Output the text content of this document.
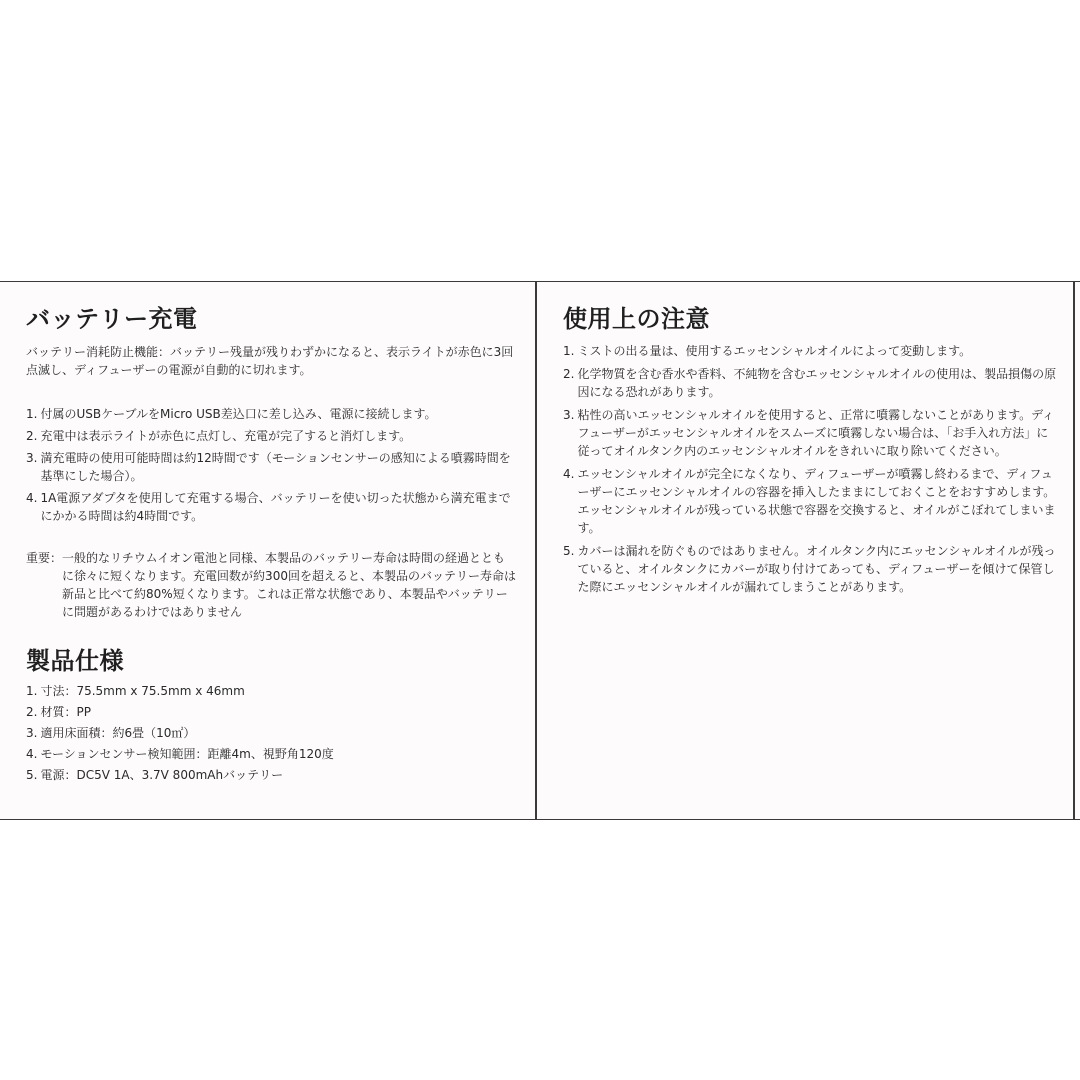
バッテリー充電

バッテリー消耗防止機能：バッテリー残量が残りわずかになると、表示ライトが赤色に3回点滅し、ディフューザーの電源が自動的に切れます。

1. 付属のUSBケーブルをMicro USB差込口に差し込み、電源に接続します。
2. 充電中は表示ライトが赤色に点灯し、充電が完了すると消灯します。
3. 満充電時の使用可能時間は約12時間です（モーションセンサーの感知による噴霧時間を基準にした場合）。
4. 1A電源アダプタを使用して充電する場合、バッテリーを使い切った状態から満充電までにかかる時間は約4時間です。
重要： 一般的なリチウムイオン電池と同様、本製品のバッテリー寿命は時間の経過とともに徐々に短くなります。充電回数が約300回を超えると、本製品のバッテリー寿命は新品と比べて約80%短くなります。これは正常な状態であり、本製品やバッテリーに問題があるわけではありません
製品仕様
1. 寸法：75.5mm x 75.5mm x 46mm
2. 材質：PP
3. 適用床面積：約6畳（10㎡）
4. モーションセンサー検知範囲：距離4m、視野角120度
5. 電源：DC5V 1A、3.7V 800mAhバッテリー
使用上の注意
1. ミストの出る量は、使用するエッセンシャルオイルによって変動します。
2. 化学物質を含む香水や香料、不純物を含むエッセンシャルオイルの使用は、製品損傷の原因になる恐れがあります。
3. 粘性の高いエッセンシャルオイルを使用すると、正常に噴霧しないことがあります。ディフューザーがエッセンシャルオイルをスムーズに噴霧しない場合は、「お手入れ方法」に従ってオイルタンク内のエッセンシャルオイルをきれいに取り除いてください。
4. エッセンシャルオイルが完全になくなり、ディフューザーが噴霧し終わるまで、ディフューザーにエッセンシャルオイルの容器を挿入したままにしておくことをおすすめします。エッセンシャルオイルが残っている状態で容器を交換すると、オイルがこぼれてしまいます。
5. カバーは漏れを防ぐものではありません。オイルタンク内にエッセンシャルオイルが残っていると、オイルタンクにカバーが取り付けてあっても、ディフューザーを傾けて保管した際にエッセンシャルオイルが漏れてしまうことがあります。
